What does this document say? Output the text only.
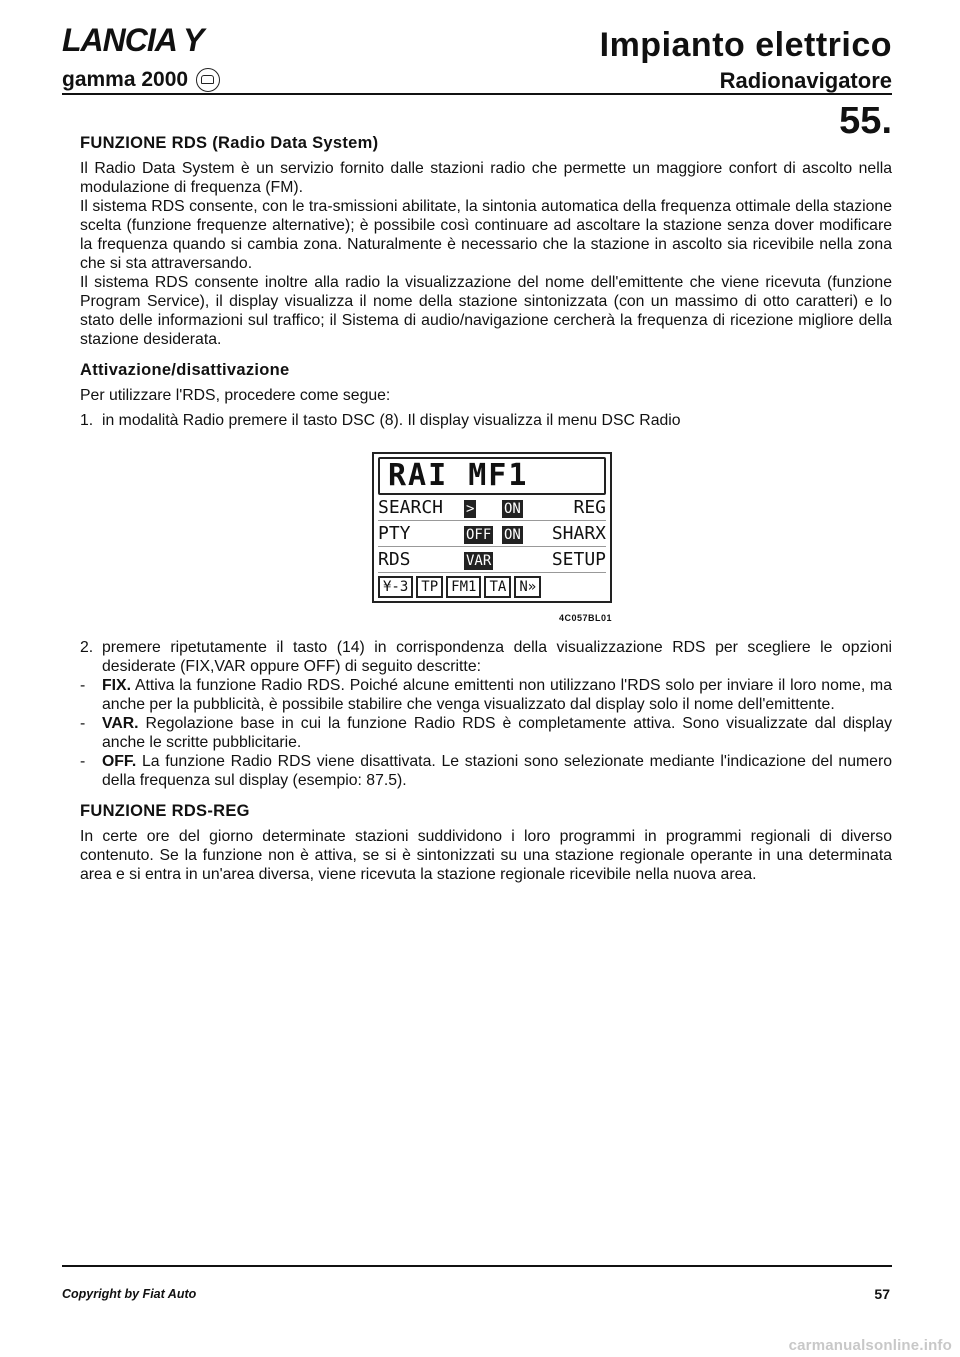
LANCIA Y
gamma 2000
Impianto elettrico
Radionavigatore
55.
FUNZIONE RDS (Radio Data System)

Il Radio Data System è un servizio fornito dalle stazioni radio che permette un maggiore confort di ascolto nella modulazione di frequenza (FM).

Il sistema RDS consente, con le tra-smissioni abilitate, la sintonia automatica della frequenza ottimale della stazione scelta (funzione frequenze alternative); è possibile così continuare ad ascoltare la stazione senza dover modificare la frequenza quando si cambia zona. Naturalmente è necessario che la stazione in ascolto sia ricevibile nella zona che si sta attraversando.

Il sistema RDS consente inoltre alla radio la visualizzazione del nome dell'emittente che viene ricevuta (funzione Program Service), il display visualizza il nome della stazione sintonizzata (con un massimo di otto caratteri) e lo stato delle informazioni sul traffico; il Sistema di audio/navigazione cercherà la frequenza di ricezione migliore della stazione desiderata.

Attivazione/disattivazione

Per utilizzare l'RDS, procedere come segue:

1. in modalità Radio premere il tasto DSC (8). Il display visualizza il menu DSC Radio
RAI MF1
SEARCH	>	ON	REG
PTY	OFF ON	SHARX
RDS	VAR	SETUP
¥-3 TP FM1 TA N»
4C057BL01
2. premere ripetutamente il tasto (14) in corrispondenza della visualizzazione RDS per scegliere le opzioni desiderate (FIX,VAR oppure OFF) di seguito descritte:
-	FIX. Attiva la funzione Radio RDS. Poiché alcune emittenti non utilizzano l'RDS solo per inviare il loro nome, ma anche per la pubblicità, è possibile stabilire che venga visualizzato dal display solo il nome dell'emittente.
-	VAR. Regolazione base in cui la funzione Radio RDS è completamente attiva. Sono visualizzate dal display anche le scritte pubblicitarie.
-	OFF. La funzione Radio RDS viene disattivata. Le stazioni sono selezionate mediante l'indicazione del numero della frequenza sul display (esempio: 87.5).
FUNZIONE RDS-REG

In certe ore del giorno determinate stazioni suddividono i loro programmi in programmi regionali di diverso contenuto. Se la funzione non è attiva, se si è sintonizzati su una stazione regionale operante in una determinata area e si entra in un'area diversa, viene ricevuta la stazione regionale ricevibile nella nuova area.

Copyright by Fiat Auto	57
carmanualsonline.info
